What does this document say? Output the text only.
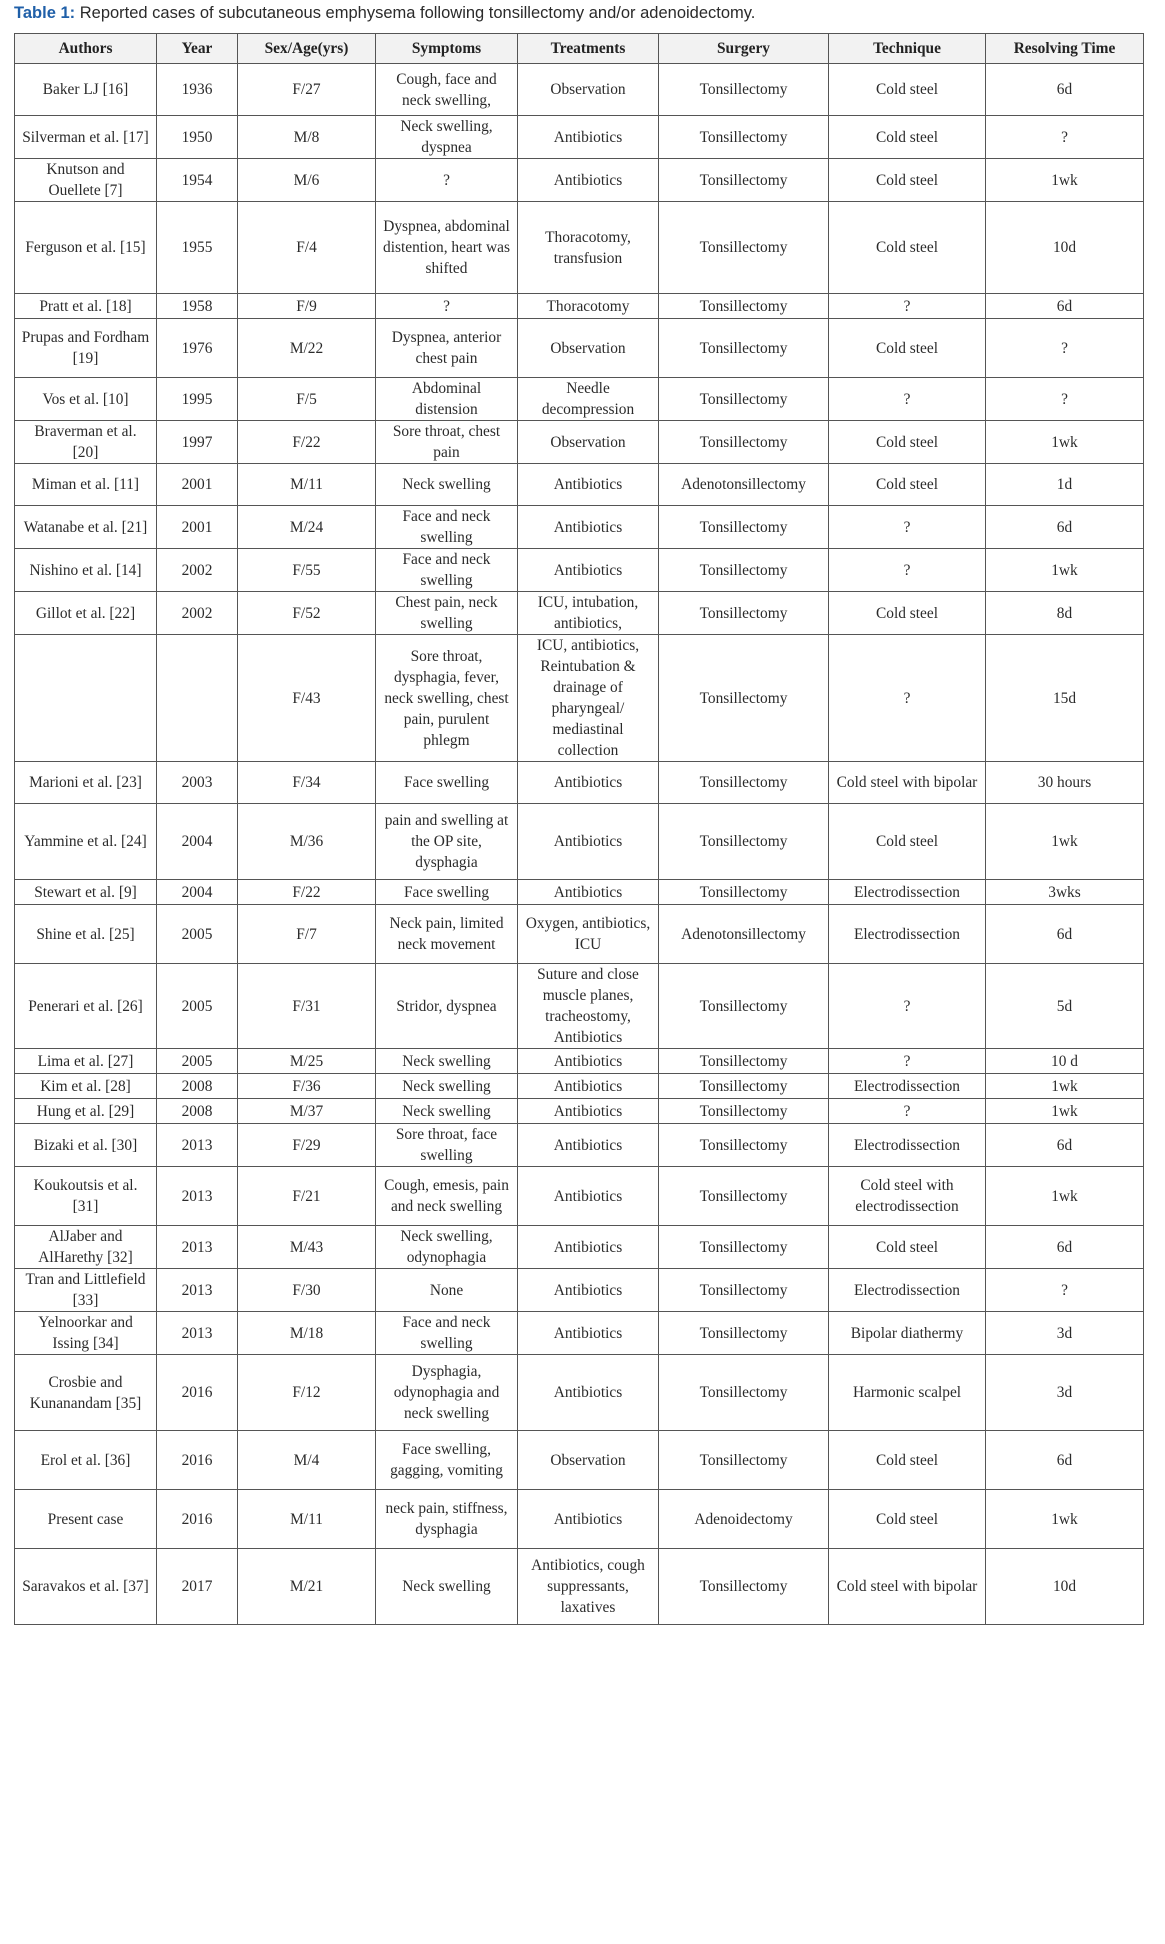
Table 1: Reported cases of subcutaneous emphysema following tonsillectomy and/or adenoidectomy.
Authors	Year	Sex/Age(yrs)	Symptoms	Treatments	Surgery	Technique	Resolving Time
Baker LJ [16]	1936	F/27	Cough, face and neck swelling,	Observation	Tonsillectomy	Cold steel	6d
Silverman et al. [17]	1950	M/8	Neck swelling, dyspnea	Antibiotics	Tonsillectomy	Cold steel	?
Knutson and Ouellete [7]	1954	M/6	?	Antibiotics	Tonsillectomy	Cold steel	1wk
Ferguson et al. [15]	1955	F/4	Dyspnea, abdominal distention, heart was shifted	Thoracotomy, transfusion	Tonsillectomy	Cold steel	10d
Pratt et al. [18]	1958	F/9	?	Thoracotomy	Tonsillectomy	?	6d
Prupas and Fordham [19]	1976	M/22	Dyspnea, anterior chest pain	Observation	Tonsillectomy	Cold steel	?
Vos et al. [10]	1995	F/5	Abdominal distension	Needle decompression	Tonsillectomy	?	?
Braverman et al. [20]	1997	F/22	Sore throat, chest pain	Observation	Tonsillectomy	Cold steel	1wk
Miman et al. [11]	2001	M/11	Neck swelling	Antibiotics	Adenotonsillectomy	Cold steel	1d
Watanabe et al. [21]	2001	M/24	Face and neck swelling	Antibiotics	Tonsillectomy	?	6d
Nishino et al. [14]	2002	F/55	Face and neck swelling	Antibiotics	Tonsillectomy	?	1wk
Gillot et al. [22]	2002	F/52	Chest pain, neck swelling	ICU, intubation, antibiotics,	Tonsillectomy	Cold steel	8d
		F/43	Sore throat, dysphagia, fever, neck swelling, chest pain, purulent phlegm	ICU, antibiotics, Reintubation & drainage of pharyngeal/ mediastinal collection	Tonsillectomy	?	15d
Marioni et al. [23]	2003	F/34	Face swelling	Antibiotics	Tonsillectomy	Cold steel with bipolar	30 hours
Yammine et al. [24]	2004	M/36	pain and swelling at the OP site, dysphagia	Antibiotics	Tonsillectomy	Cold steel	1wk
Stewart et al. [9]	2004	F/22	Face swelling	Antibiotics	Tonsillectomy	Electrodissection	3wks
Shine et al. [25]	2005	F/7	Neck pain, limited neck movement	Oxygen, antibiotics, ICU	Adenotonsillectomy	Electrodissection	6d
Penerari et al. [26]	2005	F/31	Stridor, dyspnea	Suture and close muscle planes, tracheostomy, Antibiotics	Tonsillectomy	?	5d
Lima et al. [27]	2005	M/25	Neck swelling	Antibiotics	Tonsillectomy	?	10 d
Kim et al. [28]	2008	F/36	Neck swelling	Antibiotics	Tonsillectomy	Electrodissection	1wk
Hung et al. [29]	2008	M/37	Neck swelling	Antibiotics	Tonsillectomy	?	1wk
Bizaki et al. [30]	2013	F/29	Sore throat, face swelling	Antibiotics	Tonsillectomy	Electrodissection	6d
Koukoutsis et al. [31]	2013	F/21	Cough, emesis, pain and neck swelling	Antibiotics	Tonsillectomy	Cold steel with electrodissection	1wk
AlJaber and AlHarethy [32]	2013	M/43	Neck swelling, odynophagia	Antibiotics	Tonsillectomy	Cold steel	6d
Tran and Littlefield [33]	2013	F/30	None	Antibiotics	Tonsillectomy	Electrodissection	?
Yelnoorkar and Issing [34]	2013	M/18	Face and neck swelling	Antibiotics	Tonsillectomy	Bipolar diathermy	3d
Crosbie and Kunanandam [35]	2016	F/12	Dysphagia, odynophagia and neck swelling	Antibiotics	Tonsillectomy	Harmonic scalpel	3d
Erol et al. [36]	2016	M/4	Face swelling, gagging, vomiting	Observation	Tonsillectomy	Cold steel	6d
Present case	2016	M/11	neck pain, stiffness, dysphagia	Antibiotics	Adenoidectomy	Cold steel	1wk
Saravakos et al. [37]	2017	M/21	Neck swelling	Antibiotics, cough suppressants, laxatives	Tonsillectomy	Cold steel with bipolar	10d
